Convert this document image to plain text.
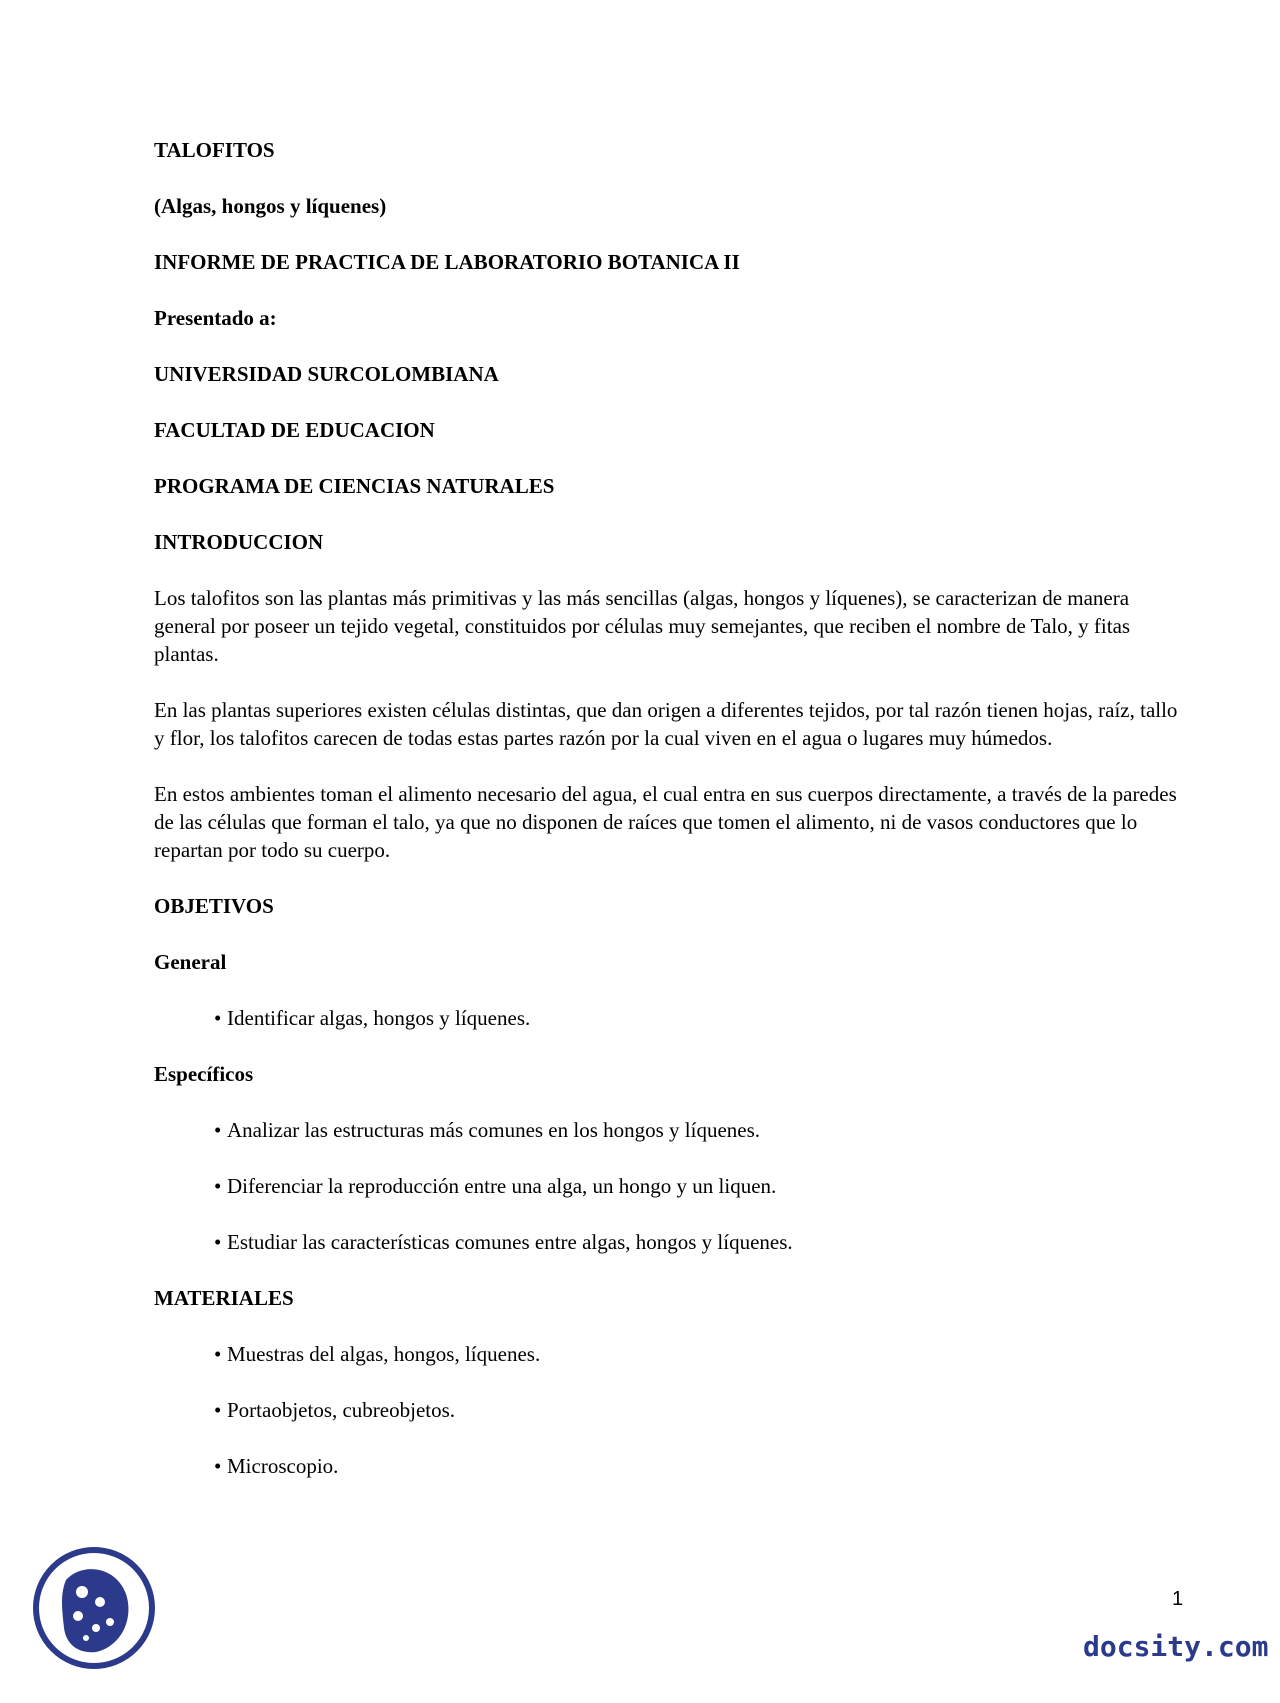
TALOFITOS

(Algas, hongos y líquenes)

INFORME DE PRACTICA DE LABORATORIO BOTANICA II

Presentado a:

UNIVERSIDAD SURCOLOMBIANA

FACULTAD DE EDUCACION

PROGRAMA DE CIENCIAS NATURALES

INTRODUCCION

Los talofitos son las plantas más primitivas y las más sencillas (algas, hongos y líquenes), se caracterizan de manera general por poseer un tejido vegetal, constituidos por células muy semejantes, que reciben el nombre de Talo, y fitas plantas.

En las plantas superiores existen células distintas, que dan origen a diferentes tejidos, por tal razón tienen hojas, raíz, tallo y flor, los talofitos carecen de todas estas partes razón por la cual viven en el agua o lugares muy húmedos.

En estos ambientes toman el alimento necesario del agua, el cual entra en sus cuerpos directamente, a través de la paredes de las células que forman el talo, ya que no disponen de raíces que tomen el alimento, ni de vasos conductores que lo repartan por todo su cuerpo.

OBJETIVOS

General

• Identificar algas, hongos y líquenes.

Específicos

• Analizar las estructuras más comunes en los hongos y líquenes.
• Diferenciar la reproducción entre una alga, un hongo y un liquen.
• Estudiar las características comunes entre algas, hongos y líquenes.

MATERIALES

• Muestras del algas, hongos, líquenes.
• Portaobjetos, cubreobjetos.
• Microscopio.
1
docsity.com
